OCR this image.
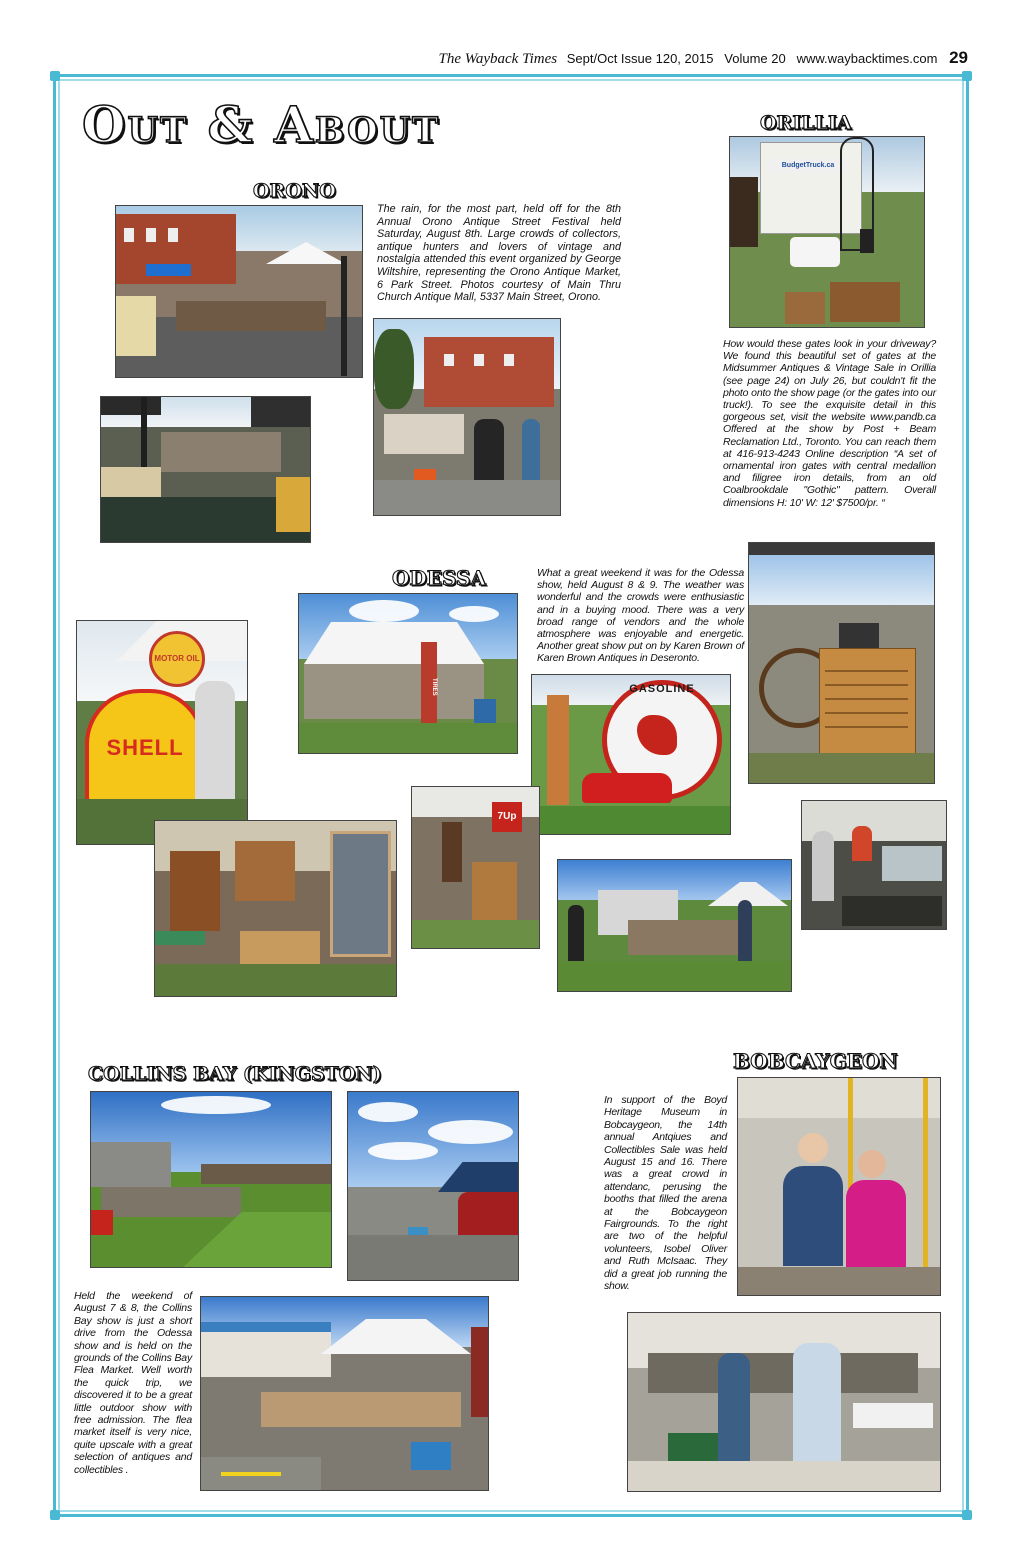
The Wayback Times Sept/Oct Issue 120, 2015 Volume 20 www.waybacktimes.com 29
Out & About
ORONO

The rain, for the most part, held off for the 8th Annual Orono Antique Street Festival held Saturday, August 8th. Large crowds of collectors, antique hunters and lovers of vintage and nostalgia attended this event organized by George Wiltshire, representing the Orono Antique Market, 6 Park Street. Photos courtesy of Main Thru Church Antique Mall, 5337 Main Street, Orono.

ORILLIA
BudgetTruck.ca

How would these gates look in your driveway? We found this beautiful set of gates at the Midsummer Antiques & Vintage Sale in Orillia (see page 24) on July 26, but couldn't fit the photo onto the show page (or the gates into our truck!). To see the exquisite detail in this gorgeous set, visit the website www.pandb.ca Offered at the show by Post + Beam Reclamation Ltd., Toronto. You can reach them at 416-913-4243 Online description “A set of ornamental iron gates with central medallion and filigree iron details, from an old Coalbrookdale "Gothic" pattern. Overall dimensions H: 10' W: 12' $7500/pr. “

ODESSA	What a great weekend it was for the Odessa show, held August 8 & 9. The weather was wonderful and the crowds were enthusiastic and in a buying mood. There was a very broad range of vendors and the whole atmosphere was enjoyable and energetic. Another great show put on by Karen Brown of Karen Brown Antiques in Deseronto.

TIRES
MOTOR OIL
SHELL
GASOLINE
7Up
COLLINS BAY (KINGSTON)

Held the weekend of August 7 & 8, the Collins Bay show is just a short drive from the Odessa show and is held on the grounds of the Collins Bay Flea Market. Well worth the quick trip, we discovered it to be a great little outdoor show with free admission. The flea market itself is very nice, quite upscale with a great selection of antiques and collectibles .

BOBCAYGEON

In support of the Boyd Heritage Museum in Bobcaygeon, the 14th annual Antqiues and Collectibles Sale was held August 15 and 16. There was a great crowd in attendanc, perusing the booths that filled the arena at the Bobcaygeon Fairgrounds. To the right are two of the helpful volunteers, Isobel Oliver and Ruth McIsaac. They did a great job running the show.
